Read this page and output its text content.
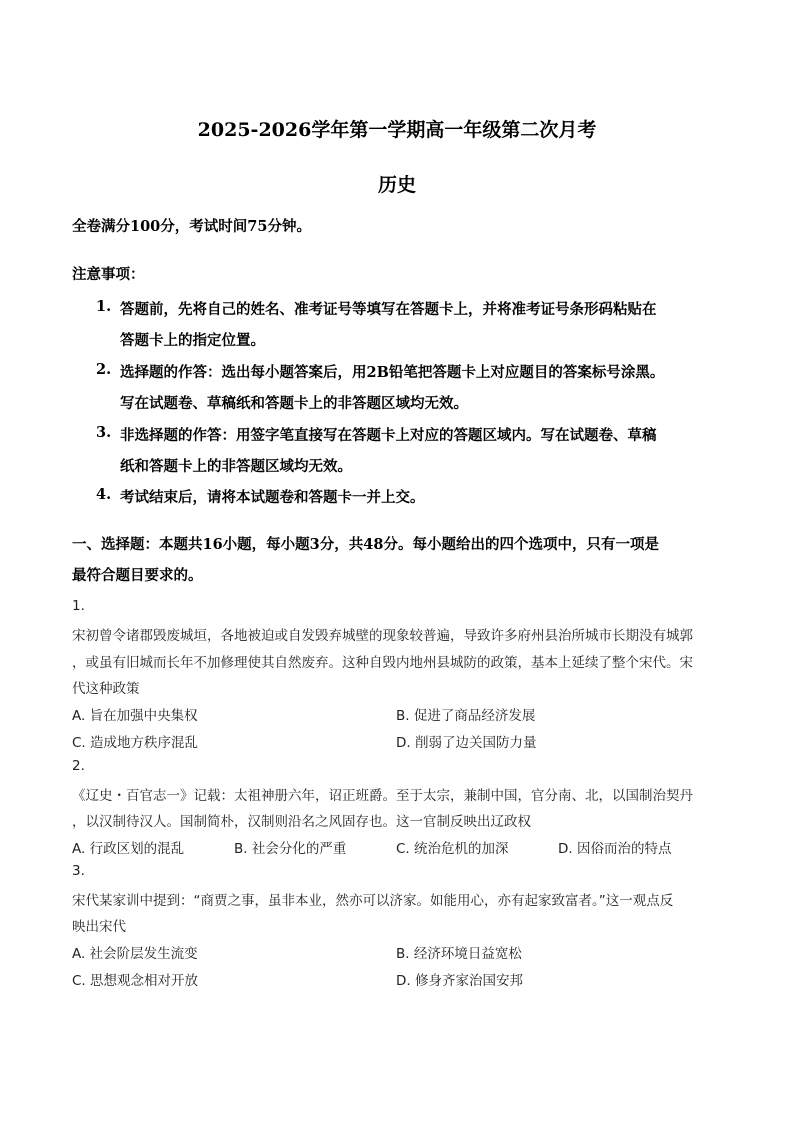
2025-2026学年第一学期高一年级第二次月考
历史
全卷满分100分，考试时间75分钟。
注意事项：
1. 答题前，先将自己的姓名、准考证号等填写在答题卡上，并将准考证号条形码粘贴在
答题卡上的指定位置。
2. 选择题的作答：选出每小题答案后，用2B铅笔把答题卡上对应题目的答案标号涂黑。
写在试题卷、草稿纸和答题卡上的非答题区域均无效。
3. 非选择题的作答：用签字笔直接写在答题卡上对应的答题区域内。写在试题卷、草稿
纸和答题卡上的非答题区域均无效。
4. 考试结束后，请将本试题卷和答题卡一并上交。
一、选择题：本题共16小题，每小题3分，共48分。每小题给出的四个选项中，只有一项是
最符合题目要求的。
1.
宋初曾令诸郡毁废城垣，各地被迫或自发毁弃城壁的现象较普遍，导致许多府州县治所城市长期没有城郭
，或虽有旧城而长年不加修理使其自然废弃。这种自毁内地州县城防的政策，基本上延续了整个宋代。宋
代这种政策
A. 旨在加强中央集权	B. 促进了商品经济发展
C. 造成地方秩序混乱	D. 削弱了边关国防力量
2.
《辽史・百官志一》记载：太祖神册六年，诏正班爵。至于太宗，兼制中国，官分南、北，以国制治契丹
，以汉制待汉人。国制简朴，汉制则沿名之风固存也。这一官制反映出辽政权
A. 行政区划的混乱	B. 社会分化的严重	C. 统治危机的加深	D. 因俗而治的特点
3.
宋代某家训中提到：“商贾之事，虽非本业，然亦可以济家。如能用心，亦有起家致富者。”这一观点反
映出宋代
A. 社会阶层发生流变	B. 经济环境日益宽松
C. 思想观念相对开放	D. 修身齐家治国安邦
